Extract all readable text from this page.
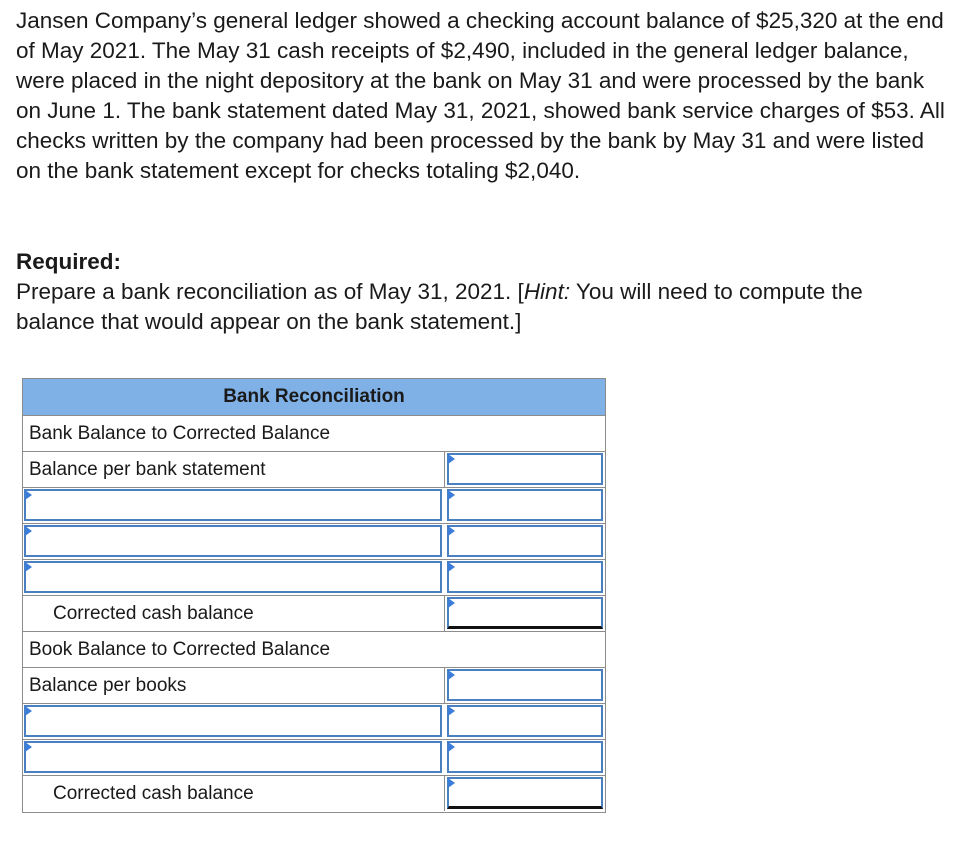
Jansen Company’s general ledger showed a checking account balance of $25,320 at the end of May 2021. The May 31 cash receipts of $2,490, included in the general ledger balance, were placed in the night depository at the bank on May 31 and were processed by the bank on June 1. The bank statement dated May 31, 2021, showed bank service charges of $53. All checks written by the company had been processed by the bank by May 31 and were listed on the bank statement except for checks totaling $2,040.

Required:

Prepare a bank reconciliation as of May 31, 2021. [Hint: You will need to compute the balance that would appear on the bank statement.]

Bank Reconciliation
Bank Balance to Corrected Balance
Balance per bank statement
Corrected cash balance
Book Balance to Corrected Balance
Balance per books
Corrected cash balance
